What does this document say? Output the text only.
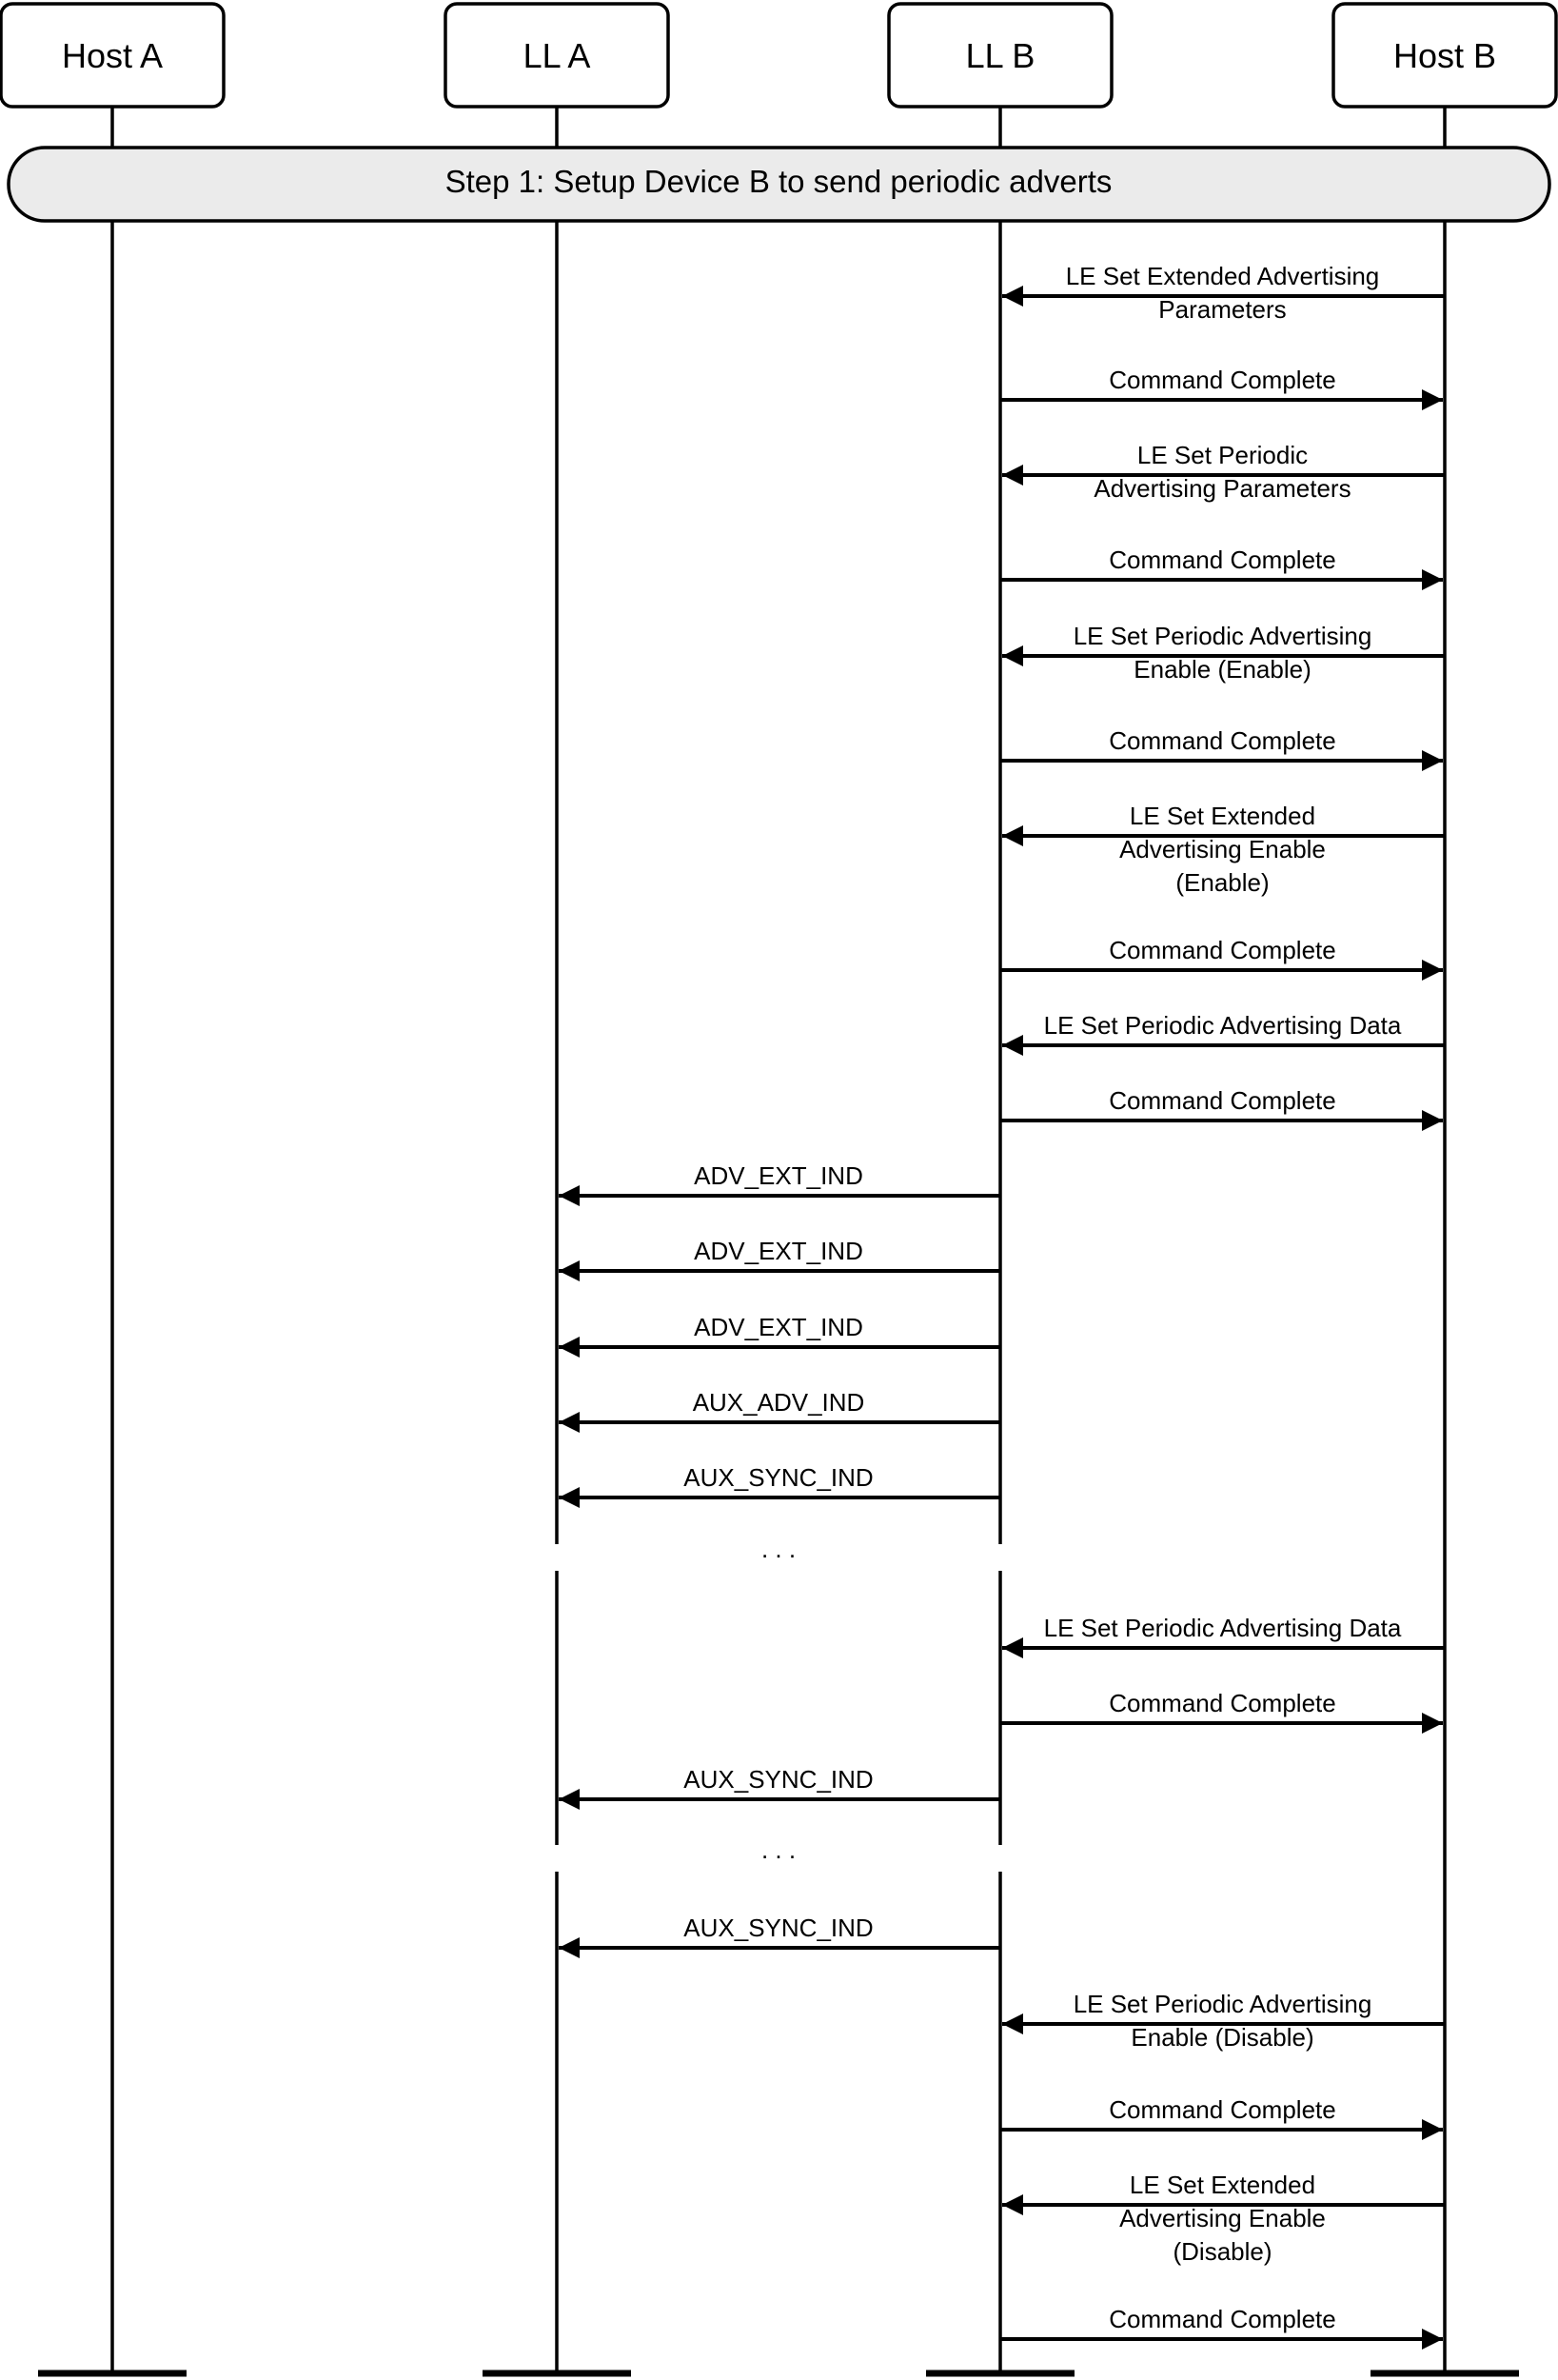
Host A	LL A	LL B	Host B
Step 1: Setup Device B to send periodic adverts
LE Set Extended Advertising
Parameters
Command Complete
LE Set Periodic
Advertising Parameters
Command Complete
LE Set Periodic Advertising
Enable (Enable)
Command Complete
LE Set Extended
Advertising Enable
(Enable)
Command Complete
LE Set Periodic Advertising Data
Command Complete
ADV_EXT_IND
ADV_EXT_IND
ADV_EXT_IND
AUX_ADV_IND
AUX_SYNC_IND
. . .
LE Set Periodic Advertising Data
Command Complete
AUX_SYNC_IND
. . .
AUX_SYNC_IND
LE Set Periodic Advertising
Enable (Disable)
Command Complete
LE Set Extended
Advertising Enable
(Disable)
Command Complete
